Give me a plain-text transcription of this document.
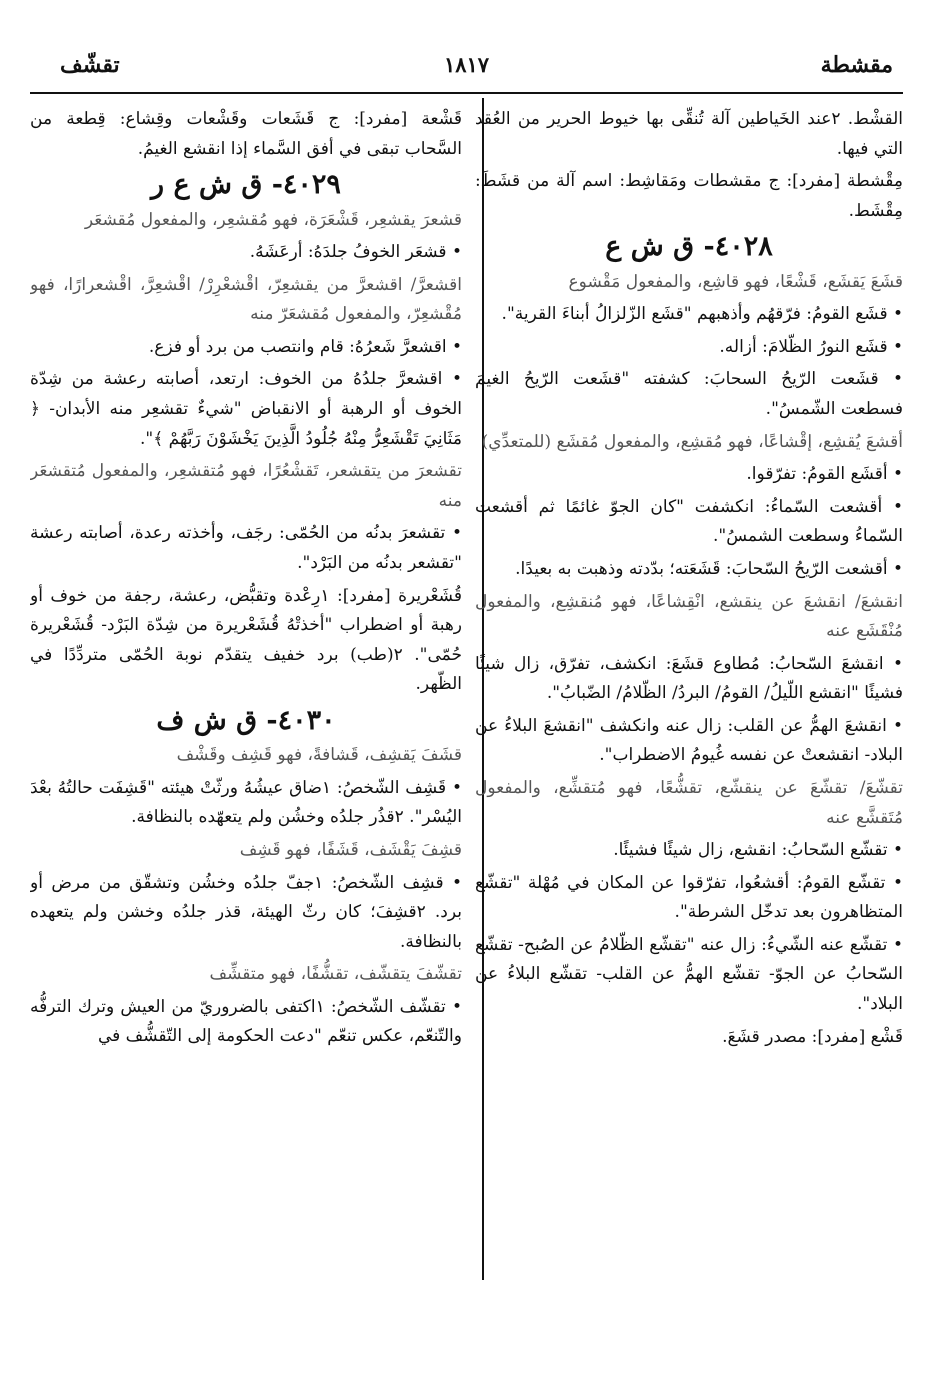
تقشّف	١٨١٧	مقشطة

القشْط. ٢عند الخَياطين آلة تُنقِّى بها خيوط الحرير من العُقد التي فيها.

مِقْشطة [مفرد]: ج مقشطات ومَقاشِط: اسم آلة من قشَطَ: مِقْشَط.

٤٠٢٨- ق ش ع

قشَعَ يَقشَع، قَشْعًا، فهو قاشِع، والمفعول مَقْشوع

• قشَع القومُ: فرّقهُم وأذهبهم "قشَع الزّلزالُ أبناءَ القرية".

• قشَع النورُ الظّلامَ: أزاله.

• قشَعت الرّيحُ السحابَ: كشفته "قشَعت الرّيحُ الغيمَ فسطعت الشّمسُ".

أقشعَ يُقشِع، إقْشاعًا، فهو مُقشِع، والمفعول مُقشَع (للمتعدِّي)

• أقشَع القومُ: تفرّقوا.

• أقشعت السّماءُ: انكشفت "كان الجوّ غائمًا ثم أقشعت السّماءُ وسطعت الشمسُ".

• أقشعت الرّيحُ السّحابَ: قَشَعَته؛ بدّدته وذهبت به بعيدًا.

انقشعَ/ انقشعَ عن ينقشع، انْقِشاعًا، فهو مُنقشِع، والمفعول مُنْقَشَع عنه

• انقشعَ السّحابُ: مُطاوع قشَعَ: انكشف، تفرّق، زال شيئًا فشيئًا "انقشع اللّيلُ/ القومُ/ البردُ/ الظّلامُ/ الضّبابُ".

• انقشعَ الهمُّ عن القلب: زال عنه وانكشف "انقشعَ البلاءُ عن البلاد- انقشعتْ عن نفسه غُيومُ الاضطراب".

تقشّعَ/ تقشّعَ عن ينقشّع، تقشُّعًا، فهو مُتقشِّع، والمفعول مُتَقشَّع عنه

• تقشّع السّحابُ: انقشع، زال شيئًا فشيئًا.

• تقشّع القومُ: أقشعُوا، تفرّقوا عن المكان في مُهْلة "تقشّع المتظاهرون بعد تدخّل الشرطة".

• تقشّع عنه الشّيءُ: زال عنه "تقشّع الظّلامُ عن الصُبح- تقشّع السّحابُ عن الجوّ- تقشّع الهمُّ عن القلب- تقشّع البلاءُ عن البلاد".

قَشْع [مفرد]: مصدر قشَعَ.

قَشْعة [مفرد]: ج قَشَعات وقَشْعات وقِشاع: قِطعة من السَّحاب تبقى في أفق السَّماء إذا انقشع الغيمُ.

٤٠٢٩- ق ش ع ر

قشعرَ يقشعِر، قَشْعَرَة، فهو مُقشعِر، والمفعول مُقشعَر

• قشعَر الخوفُ جلدَهُ: أرعَشَهُ.

اقشعرَّ/ اقشعرَّ من يقشعِرّ، اقْشعْرِرْ/ اقْشعِرَّ، اقْشعرارًا، فهو مُقْشعِرّ، والمفعول مُقشعَرّ منه

• اقشعرَّ شَعرُهُ: قام وانتصب من برد أو فزع.

• اقشعرَّ جلدُهُ من الخوف: ارتعد، أصابته رعشة من شِدّة الخوف أو الرهبة أو الانقباض "شيءٌ تقشعِر منه الأبدان- ﴿ مَثَانِيَ تَقْشَعِرُّ مِنْهُ جُلُودُ الَّذِينَ يَخْشَوْنَ رَبَّهُمْ ﴾".

تقشعرَ من يتقشعر، تَقشْعُرًا، فهو مُتقشعِر، والمفعول مُتقشعَر منه

• تقشعرَ بدنُه من الحُمّى: رجَف، وأخذته رعدة، أصابته رعشة "تقشعر بدنُه من البَرْد".

قُشَعْريرة [مفرد]: ١رِعْدة وتقبُّض، رعشة، رجفة من خوف أو رهبة أو اضطراب "أخذتْهُ قُشَعْريرة من شِدّة البَرْد- قُشَعْريرة حُمّى". ٢(طب) برد خفيف يتقدّم نوبة الحُمّى متردِّدًا في الظّهر.

٤٠٣٠- ق ش ف

قشَفَ يَقشِف، قَشافةً، فهو قَشِف وقَشْف

• قَشِف الشّخصُ: ١ضاق عيشُهُ ورثّتْ هيئته "قَشِفَت حالتُهُ بعْدَ اليُسْر". ٢قذُر جلدُه وخشُن ولم يتعهّده بالنظافة.

قشِفَ يَقْشَف، قَشَفًا، فهو قَشِف

• قشِف الشّخصُ: ١جفّ جلدُه وخشُن وتشقّق من مرض أو برد. ٢قشِفَ؛ كان رثّ الهيئة، قذر جلدُه وخشن ولم يتعهده بالنظافة.

تقشّفَ يتقشّف، تقشُّفًا، فهو متقشِّف

• تقشّف الشّخصُ: ١اكتفى بالضروريّ من العيش وترك الترفُّه والتّنعّم، عكس تنعّم "دعت الحكومة إلى التّقشُّف في
